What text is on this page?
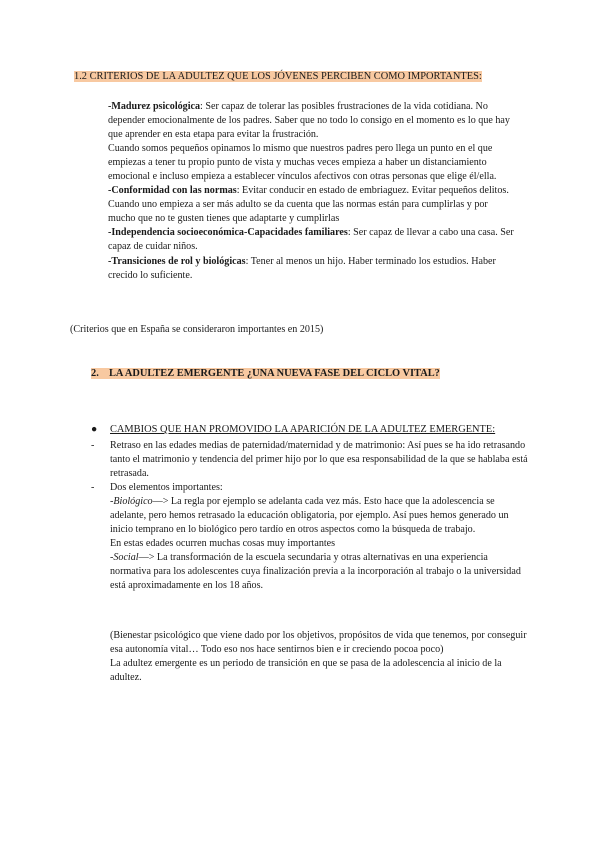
1.2 CRITERIOS DE LA ADULTEZ QUE LOS JÓVENES PERCIBEN COMO IMPORTANTES:

-Madurez psicológica: Ser capaz de tolerar las posibles frustraciones de la vida cotidiana. No depender emocionalmente de los padres. Saber que no todo lo consigo en el momento es lo que hay que aprender en esta etapa para evitar la frustración.

Cuando somos pequeños opinamos lo mismo que nuestros padres pero llega un punto en el que empiezas a tener tu propio punto de vista y muchas veces empieza a haber un distanciamiento emocional e incluso empieza a establecer vínculos afectivos con otras personas que elige él/ella.

-Conformidad con las normas: Evitar conducir en estado de embriaguez. Evitar pequeños delitos.

Cuando uno empieza a ser más adulto se da cuenta que las normas están para cumplirlas y por mucho que no te gusten tienes que adaptarte y cumplirlas

-Independencia socioeconómica-Capacidades familiares: Ser capaz de llevar a cabo una casa. Ser capaz de cuidar niños.

-Transiciones de rol y biológicas: Tener al menos un hijo. Haber terminado los estudios. Haber crecido lo suficiente.

(Criterios que en España se consideraron importantes en 2015)
2. LA ADULTEZ EMERGENTE ¿UNA NUEVA FASE DEL CICLO VITAL?
● CAMBIOS QUE HAN PROMOVIDO LA APARICIÓN DE LA ADULTEZ EMERGENTE:
- Retraso en las edades medias de paternidad/maternidad y de matrimonio: Así pues se ha ido retrasando tanto el matrimonio y tendencia del primer hijo por lo que esa responsabilidad de la que se hablaba está retrasada.

- Dos elementos importantes:

-Biológico—> La regla por ejemplo se adelanta cada vez más. Esto hace que la adolescencia se adelante, pero hemos retrasado la educación obligatoria, por ejemplo. Así pues hemos generado un inicio temprano en lo biológico pero tardío en otros aspectos como la búsqueda de trabajo.

En estas edades ocurren muchas cosas muy importantes

-Social—> La transformación de la escuela secundaria y otras alternativas en una experiencia normativa para los adolescentes cuya finalización previa a la incorporación al trabajo o la universidad está aproximadamente en los 18 años.

(Bienestar psicológico que viene dado por los objetivos, propósitos de vida que tenemos, por conseguir esa autonomía vital… Todo eso nos hace sentirnos bien e ir creciendo pocoa poco)

La adultez emergente es un periodo de transición en que se pasa de la adolescencia al inicio de la adultez.
